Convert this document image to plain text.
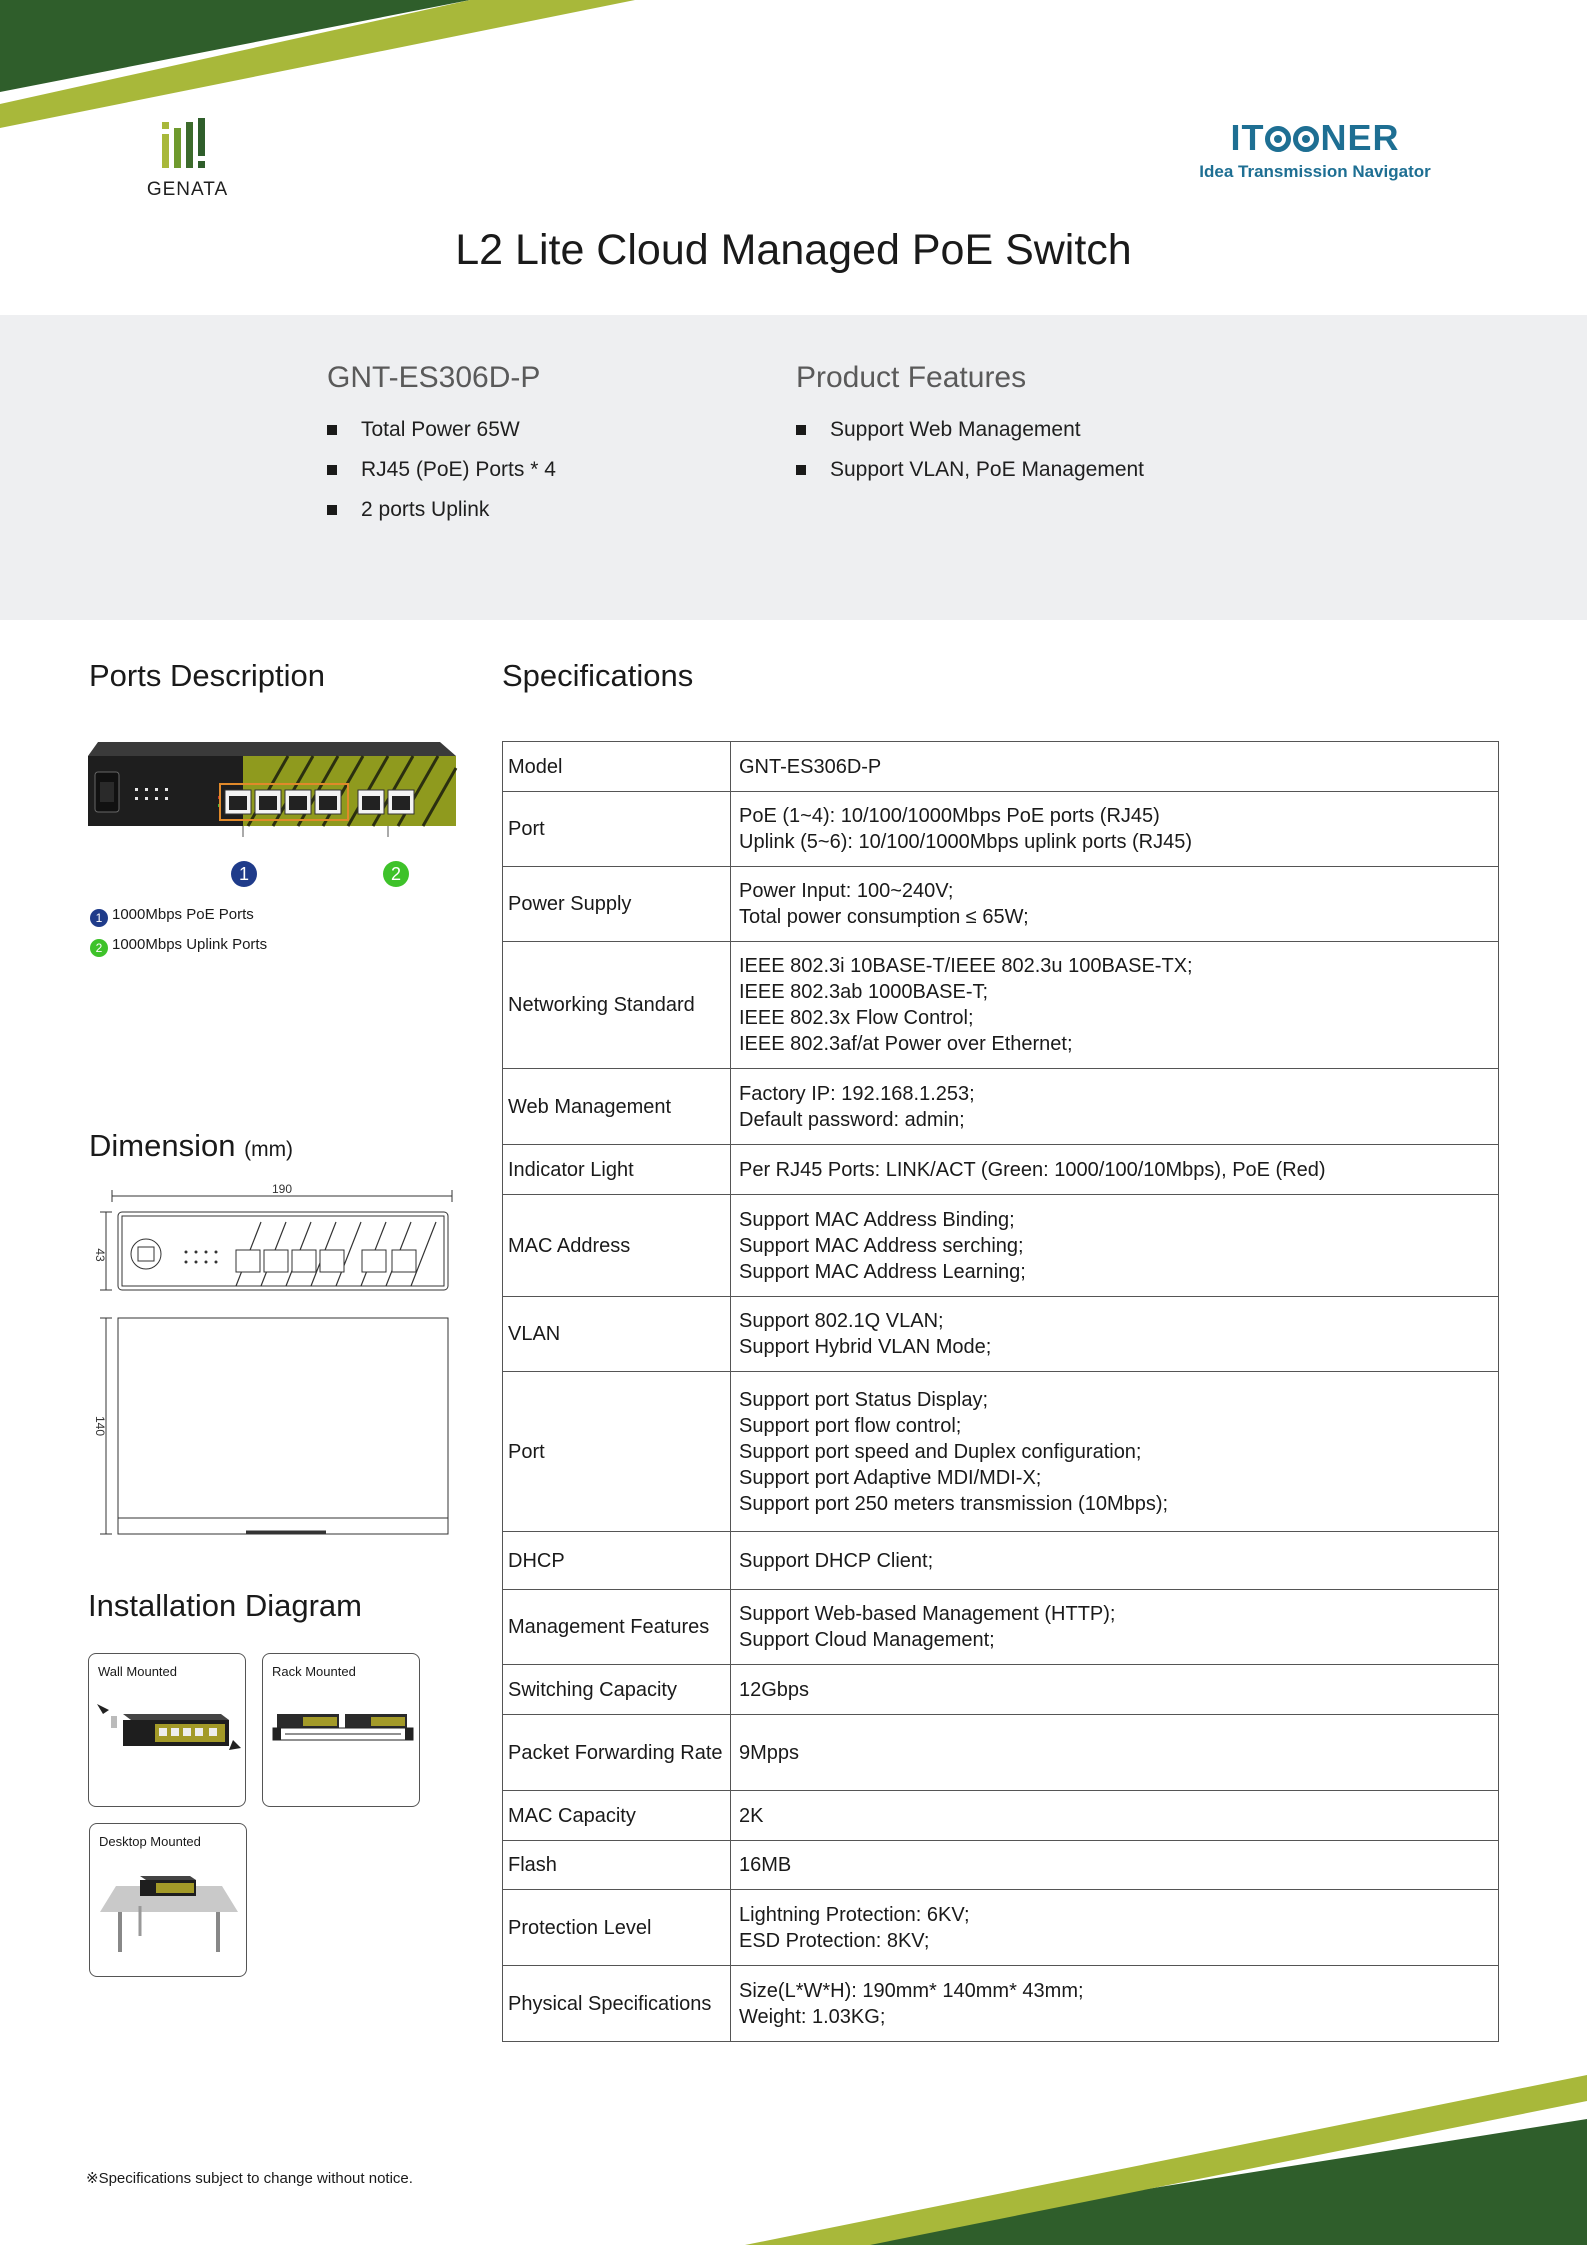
GENATA
IT NER
Idea Transmission Navigator
L2 Lite Cloud Managed PoE Switch
GNT-ES306D-P
Total Power 65W
RJ45 (PoE) Ports * 4
2 ports Uplink
Product Features
Support Web Management
Support VLAN, PoE Management
Ports Description
1	2
1 1000Mbps PoE Ports
2 1000Mbps Uplink Ports
Dimension (mm)
190
43
140
Installation Diagram
Wall Mounted	Rack Mounted
Desktop Mounted
Specifications
Model	GNT-ES306D-P

Port	PoE (1~4): 10/100/1000Mbps PoE ports (RJ45)
Uplink (5~6): 10/100/1000Mbps uplink ports (RJ45)

Power Supply	Power Input: 100~240V;
Total power consumption ≤ 65W;

Networking Standard	IEEE 802.3i 10BASE-T/IEEE 802.3u 100BASE-TX;
IEEE 802.3ab 1000BASE-T;
IEEE 802.3x Flow Control;
IEEE 802.3af/at Power over Ethernet;

Web Management	Factory IP: 192.168.1.253;
Default password: admin;

Indicator Light	Per RJ45 Ports: LINK/ACT (Green: 1000/100/10Mbps), PoE (Red)

MAC Address	Support MAC Address Binding;
Support MAC Address serching;
Support MAC Address Learning;

VLAN	Support 802.1Q VLAN;
Support Hybrid VLAN Mode;

Port	Support port Status Display;
Support port flow control;
Support port speed and Duplex configuration;
Support port Adaptive MDI/MDI-X;
Support port 250 meters transmission (10Mbps);

DHCP	Support DHCP Client;

Management Features	Support Web-based Management (HTTP);
Support Cloud Management;

Switching Capacity	12Gbps

Packet Forwarding Rate	9Mpps

MAC Capacity	2K

Flash	16MB

Protection Level	Lightning Protection: 6KV;
ESD Protection: 8KV;

Physical Specifications	Size(L*W*H): 190mm* 140mm* 43mm;
Weight: 1.03KG;
※Specifications subject to change without notice.
